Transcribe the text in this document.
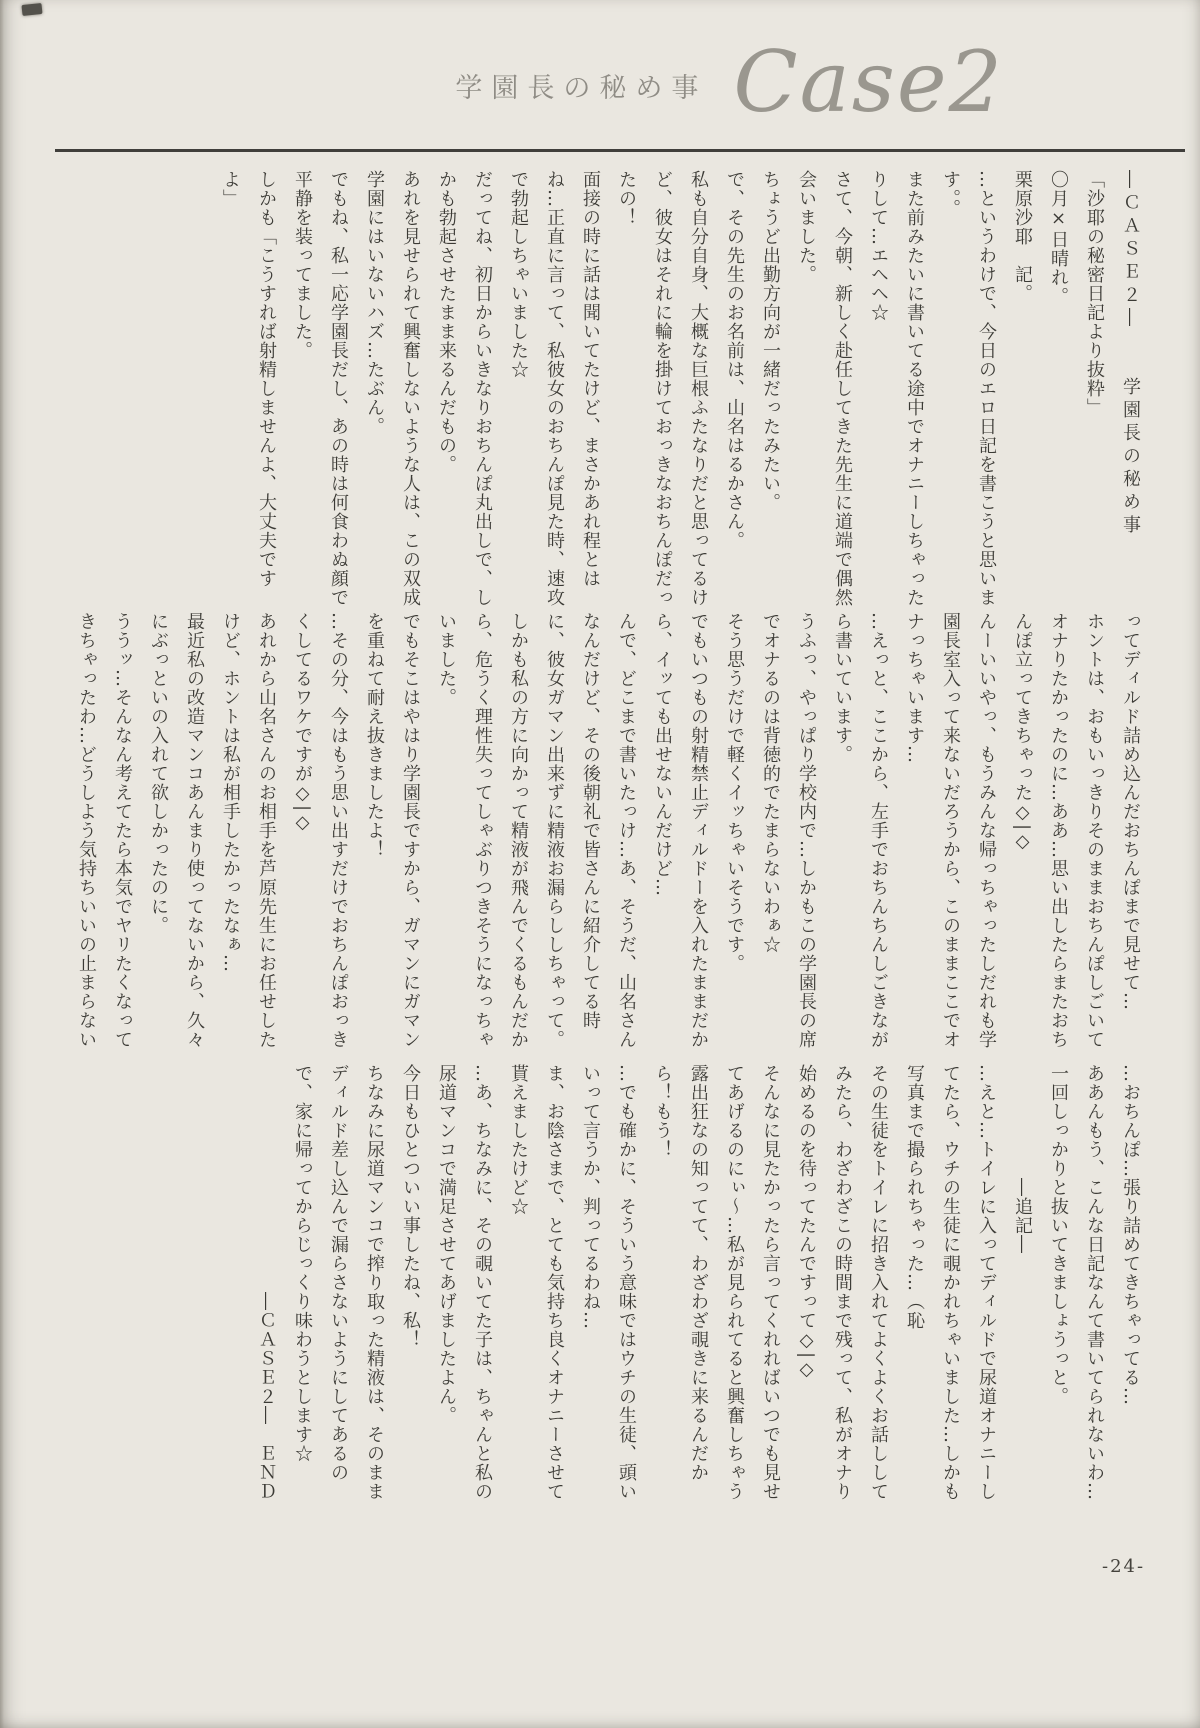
学園長の秘め事 Case2

―ＣＡＳＥ２―　　学園長の秘め事

「沙耶の秘密日記より抜粋」

〇月×日晴れ。

栗原沙耶　記。

…というわけで、今日のエロ日記を書こうと思います。。

また前みたいに書いてる途中でオナニーしちゃったりして…エヘヘ☆

さて、今朝、新しく赴任してきた先生に道端で偶然会いました。

ちょうど出勤方向が一緒だったみたい。

で、その先生のお名前は、山名はるかさん。

私も自分自身、大概な巨根ふたなりだと思ってるけど、彼女はそれに輪を掛けておっきなおちんぽだったの！

面接の時に話は聞いてたけど、まさかあれ程とはね…正直に言って、私彼女のおちんぽ見た時、速攻で勃起しちゃいました☆

だってね、初日からいきなりおちんぽ丸出しで、しかも勃起させたまま来るんだもの。

あれを見せられて興奮しないような人は、この双成学園にはいないハズ…たぶん。

でもね、私一応学園長だし、あの時は何食わぬ顔で平静を装ってました。

しかも「こうすれば射精しませんよ、大丈夫ですよ」

ってディルド詰め込んだおちんぽまで見せて…

ホントは、おもいっきりそのままおちんぽしごいてオナりたかったのに…ああ…思い出したらまたおちんぽ立ってきちゃった◇|◇

んーいいやっ、もうみんな帰っちゃったしだれも学園長室入って来ないだろうから、このままここでオナっちゃいます…

…えっと、ここから、左手でおちんちんしごきながら書いています。

うふっ、やっぱり学校内で…しかもこの学園長の席でオナるのは背徳的でたまらないわぁ☆

そう思うだけで軽くイッちゃいそうです。

でもいつもの射精禁止ディルドーを入れたままだから、イッても出せないんだけど…

んで、どこまで書いたっけ…あ、そうだ、山名さんなんだけど、その後朝礼で皆さんに紹介してる時に、彼女ガマン出来ずに精液お漏らししちゃって。

しかも私の方に向かって精液が飛んでくるもんだから、危うく理性失ってしゃぶりつきそうになっちゃいました。

でもそこはやはり学園長ですから、ガマンにガマンを重ねて耐え抜きましたよ！

…その分、今はもう思い出すだけでおちんぽおっきくしてるワケですが◇|◇

あれから山名さんのお相手を芦原先生にお任せしたけど、ホントは私が相手したかったなぁ…

最近私の改造マンコあんまり使ってないから、久々にぶっといの入れて欲しかったのに。

ううッ…そんなん考えてたら本気でヤリたくなってきちゃったわ…どうしよう気持ちいいの止まらない

…おちんぽ…張り詰めてきちゃってる…

ああんもう、こんな日記なんて書いてられないわ…

一回しっかりと抜いてきましょうっと。

　　　　　　―追記―

…えと…トイレに入ってディルドで尿道オナニーしてたら、ウチの生徒に覗かれちゃいました…しかも写真まで撮られちゃった…（恥

その生徒をトイレに招き入れてよくよくお話ししてみたら、わざわざこの時間まで残って、私がオナり始めるのを待ってたんですって◇|◇

そんなに見たかったら言ってくれればいつでも見せてあげるのにぃ〜…私が見られてると興奮しちゃう露出狂なの知ってて、わざわざ覗きに来るんだから！もう！

…でも確かに、そういう意味ではウチの生徒、頭いいって言うか、判ってるわね…

ま、お陰さまで、とても気持ち良くオナニーさせて貰えましたけど☆

…あ、ちなみに、その覗いてた子は、ちゃんと私の尿道マンコで満足させてあげましたよん。

今日もひとついい事したね、私！

ちなみに尿道マンコで搾り取った精液は、そのままディルド差し込んで漏らさないようにしてあるので、家に帰ってからじっくり味わうとします☆

　　　　　　　　　　　　―ＣＡＳＥ２―　ＥＮＤ

-24-
